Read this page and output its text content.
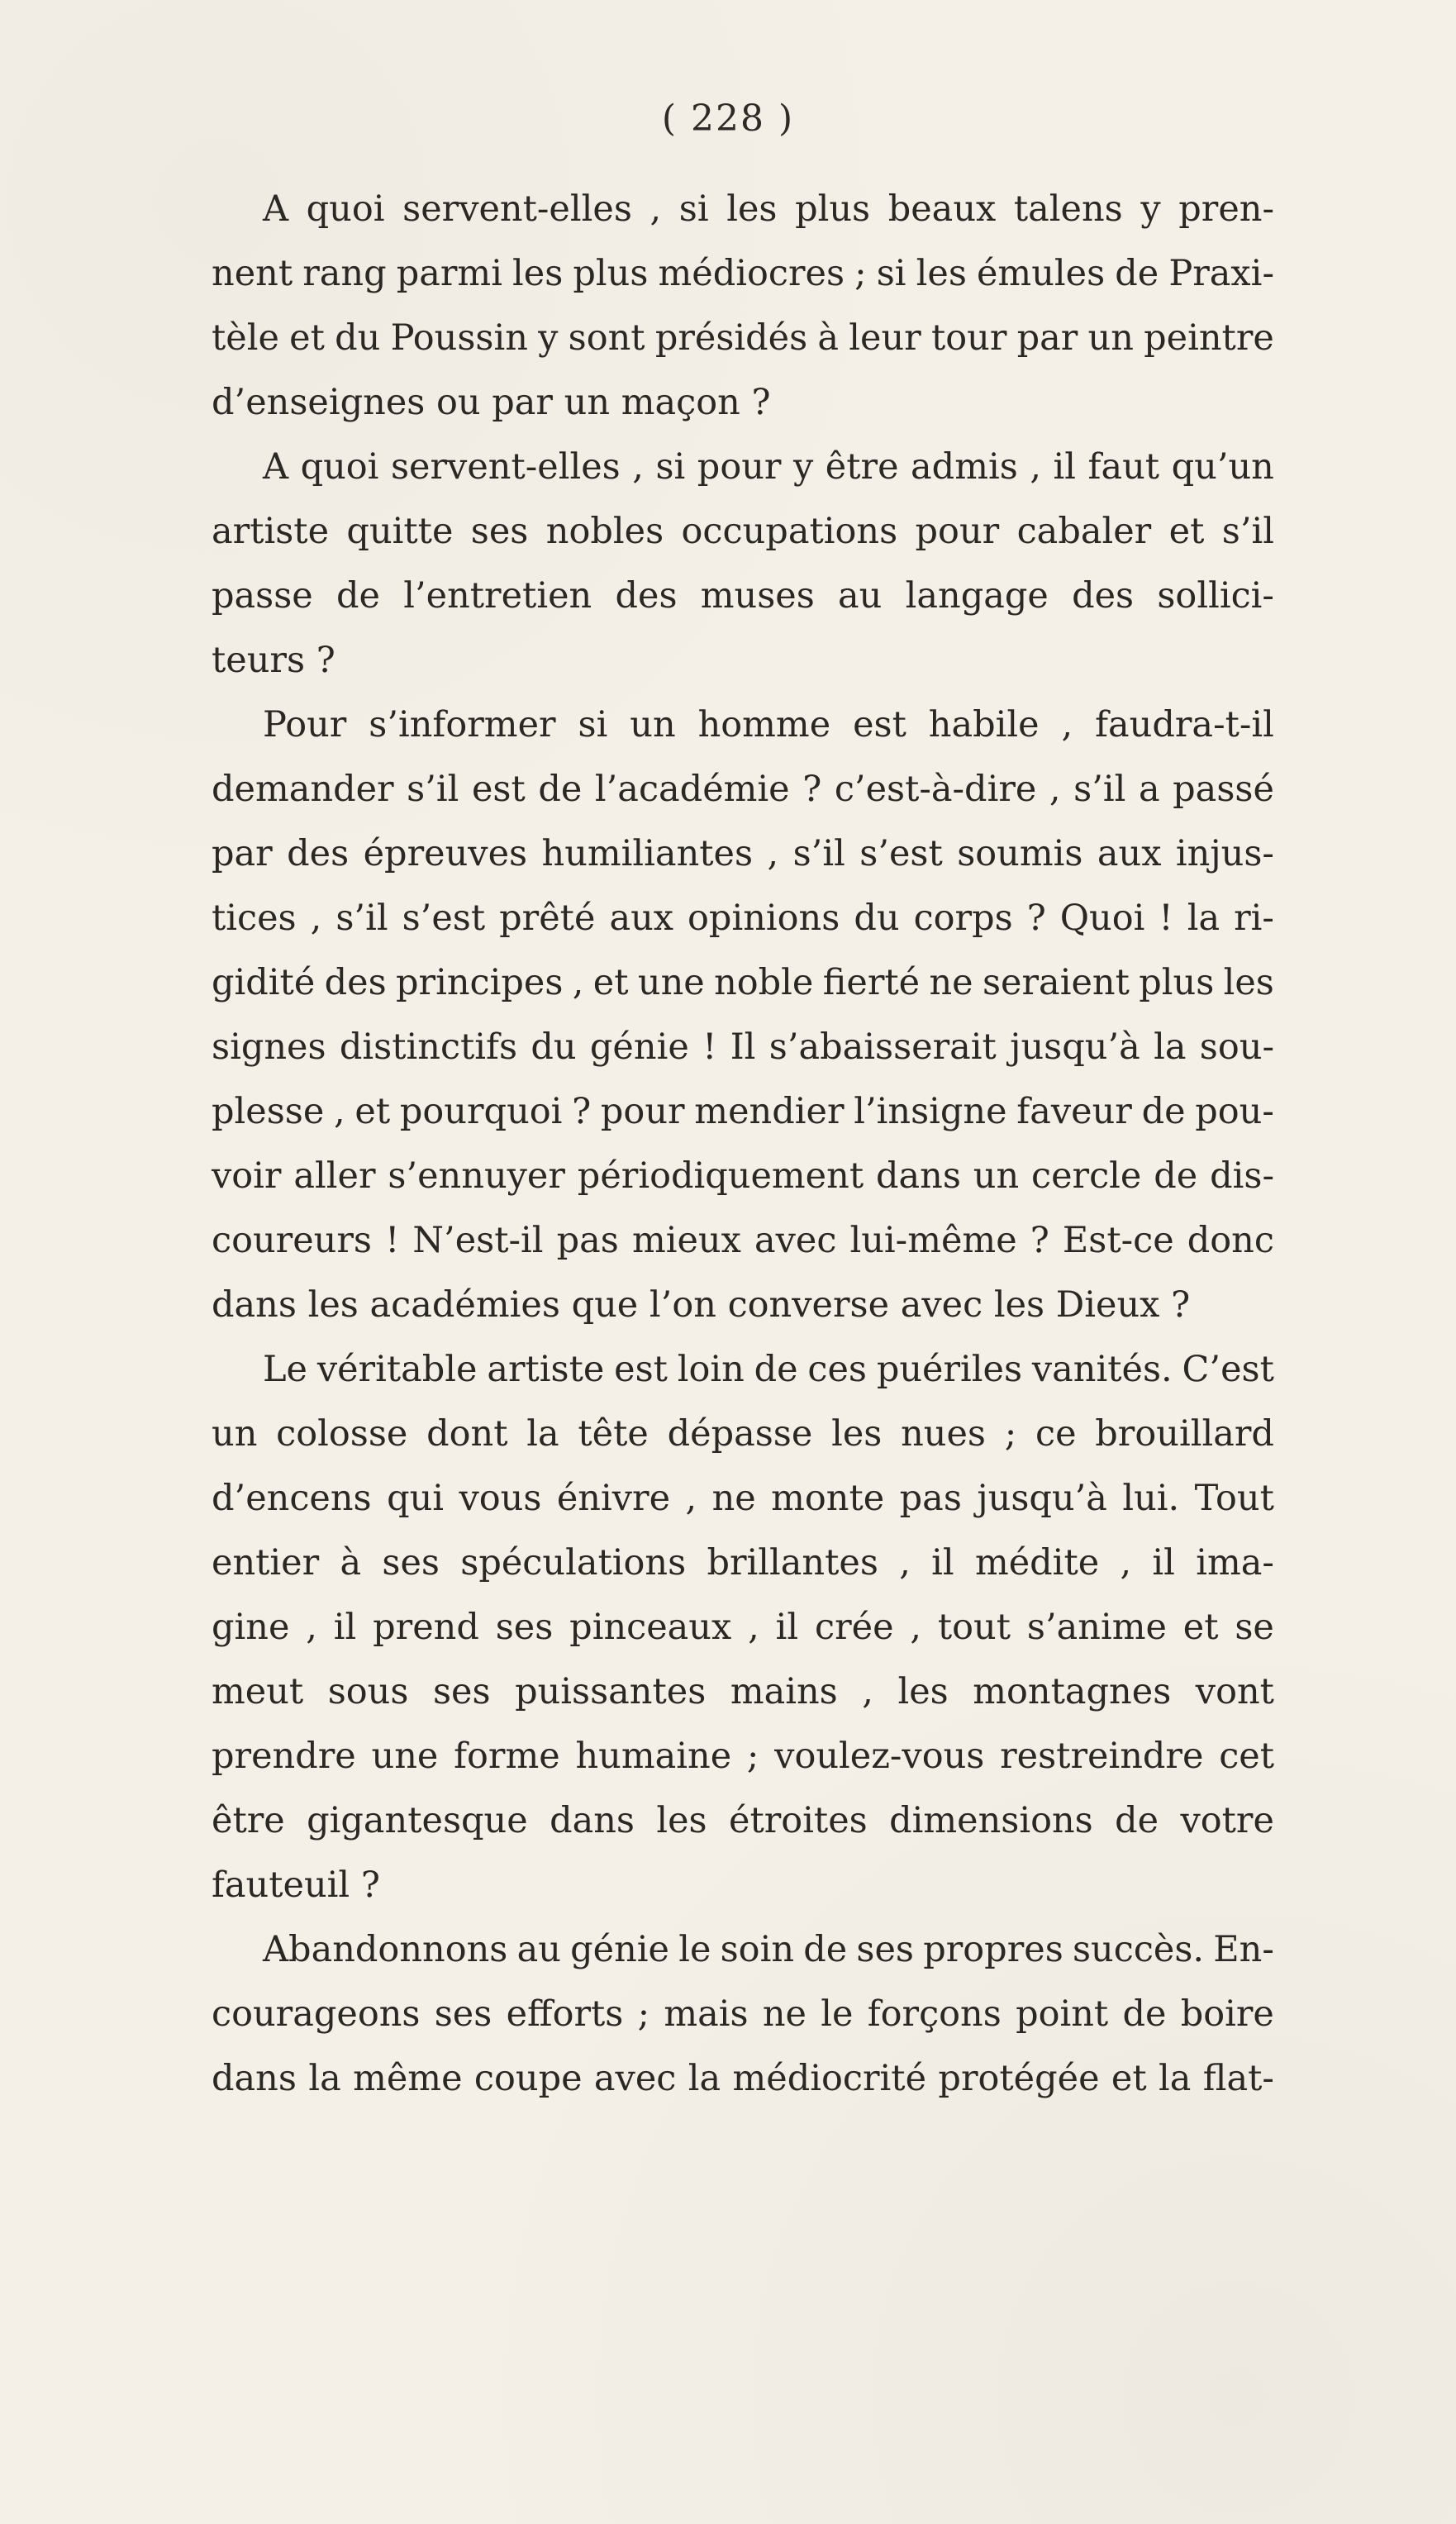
( 228 )
A quoi servent-elles , si les plus beaux talens y pren-
nent rang parmi les plus médiocres ; si les émules de Praxi-
tèle et du Poussin y sont présidés à leur tour par un peintre
d’enseignes ou par un maçon ?
A quoi servent-elles , si pour y être admis , il faut qu’un
artiste quitte ses nobles occupations pour cabaler et s’il
passe de l’entretien des muses au langage des sollici-
teurs ?
Pour s’informer si un homme est habile , faudra-t-il
demander s’il est de l’académie ? c’est-à-dire , s’il a passé
par des épreuves humiliantes , s’il s’est soumis aux injus-
tices , s’il s’est prêté aux opinions du corps ? Quoi ! la ri-
gidité des principes , et une noble fierté ne seraient plus les
signes distinctifs du génie ! Il s’abaisserait jusqu’à la sou-
plesse , et pourquoi ? pour mendier l’insigne faveur de pou-
voir aller s’ennuyer périodiquement dans un cercle de dis-
coureurs ! N’est-il pas mieux avec lui-même ? Est-ce donc
dans les académies que l’on converse avec les Dieux ?
Le véritable artiste est loin de ces puériles vanités. C’est
un colosse dont la tête dépasse les nues ; ce brouillard
d’encens qui vous énivre , ne monte pas jusqu’à lui. Tout
entier à ses spéculations brillantes , il médite , il ima-
gine , il prend ses pinceaux , il crée , tout s’anime et se
meut sous ses puissantes mains , les montagnes vont
prendre une forme humaine ; voulez-vous restreindre cet
être gigantesque dans les étroites dimensions de votre
fauteuil ?
Abandonnons au génie le soin de ses propres succès. En-
courageons ses efforts ; mais ne le forçons point de boire
dans la même coupe avec la médiocrité protégée et la flat-
